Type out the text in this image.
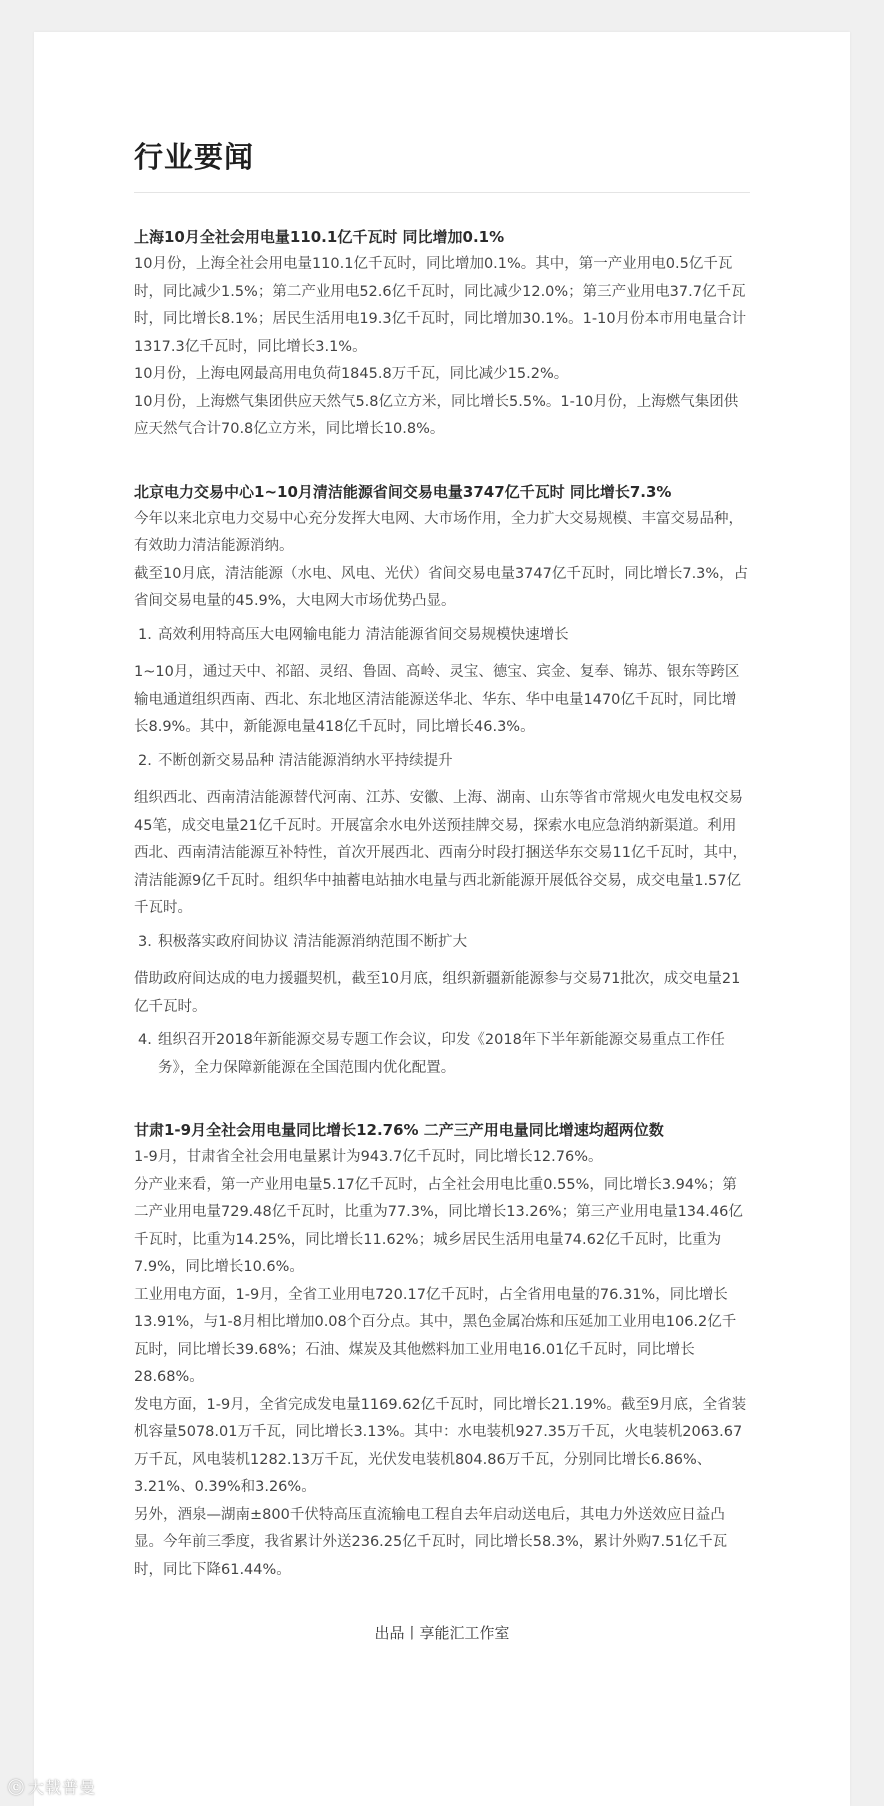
行业要闻

上海10月全社会用电量110.1亿千瓦时 同比增加0.1%

10月份，上海全社会用电量110.1亿千瓦时，同比增加0.1%。其中，第一产业用电0.5亿千瓦时，同比减少1.5%；第二产业用电52.6亿千瓦时，同比减少12.0%；第三产业用电37.7亿千瓦时，同比增长8.1%；居民生活用电19.3亿千瓦时，同比增加30.1%。1-10月份本市用电量合计1317.3亿千瓦时，同比增长3.1%。

10月份，上海电网最高用电负荷1845.8万千瓦，同比减少15.2%。

10月份，上海燃气集团供应天然气5.8亿立方米，同比增长5.5%。1-10月份，上海燃气集团供应天然气合计70.8亿立方米，同比增长10.8%。

北京电力交易中心1~10月清洁能源省间交易电量3747亿千瓦时 同比增长7.3%

今年以来北京电力交易中心充分发挥大电网、大市场作用，全力扩大交易规模、丰富交易品种，有效助力清洁能源消纳。

截至10月底，清洁能源（水电、风电、光伏）省间交易电量3747亿千瓦时，同比增长7.3%，占省间交易电量的45.9%，大电网大市场优势凸显。

1. 高效利用特高压大电网输电能力 清洁能源省间交易规模快速增长

1~10月，通过天中、祁韶、灵绍、鲁固、高岭、灵宝、德宝、宾金、复奉、锦苏、银东等跨区输电通道组织西南、西北、东北地区清洁能源送华北、华东、华中电量1470亿千瓦时，同比增长8.9%。其中，新能源电量418亿千瓦时，同比增长46.3%。

2. 不断创新交易品种 清洁能源消纳水平持续提升

组织西北、西南清洁能源替代河南、江苏、安徽、上海、湖南、山东等省市常规火电发电权交易45笔，成交电量21亿千瓦时。开展富余水电外送预挂牌交易，探索水电应急消纳新渠道。利用西北、西南清洁能源互补特性，首次开展西北、西南分时段打捆送华东交易11亿千瓦时，其中，清洁能源9亿千瓦时。组织华中抽蓄电站抽水电量与西北新能源开展低谷交易，成交电量1.57亿千瓦时。

3. 积极落实政府间协议 清洁能源消纳范围不断扩大

借助政府间达成的电力援疆契机，截至10月底，组织新疆新能源参与交易71批次，成交电量21亿千瓦时。

4. 组织召开2018年新能源交易专题工作会议，印发《2018年下半年新能源交易重点工作任务》，全力保障新能源在全国范围内优化配置。

甘肃1-9月全社会用电量同比增长12.76% 二产三产用电量同比增速均超两位数

1-9月，甘肃省全社会用电量累计为943.7亿千瓦时，同比增长12.76%。

分产业来看，第一产业用电量5.17亿千瓦时，占全社会用电比重0.55%，同比增长3.94%；第二产业用电量729.48亿千瓦时，比重为77.3%，同比增长13.26%；第三产业用电量134.46亿千瓦时，比重为14.25%，同比增长11.62%；城乡居民生活用电量74.62亿千瓦时，比重为7.9%，同比增长10.6%。

工业用电方面，1-9月，全省工业用电720.17亿千瓦时，占全省用电量的76.31%，同比增长13.91%，与1-8月相比增加0.08个百分点。其中，黑色金属冶炼和压延加工业用电106.2亿千瓦时，同比增长39.68%；石油、煤炭及其他燃料加工业用电16.01亿千瓦时，同比增长28.68%。

发电方面，1-9月，全省完成发电量1169.62亿千瓦时，同比增长21.19%。截至9月底，全省装机容量5078.01万千瓦，同比增长3.13%。其中：水电装机927.35万千瓦，火电装机2063.67万千瓦，风电装机1282.13万千瓦，光伏发电装机804.86万千瓦，分别同比增长6.86%、3.21%、0.39%和3.26%。

另外，酒泉—湖南±800千伏特高压直流输电工程自去年启动送电后，其电力外送效应日益凸显。今年前三季度，我省累计外送236.25亿千瓦时，同比增长58.3%，累计外购7.51亿千瓦时，同比下降61.44%。

出品丨享能汇工作室
ⓒ 大戟普曼
